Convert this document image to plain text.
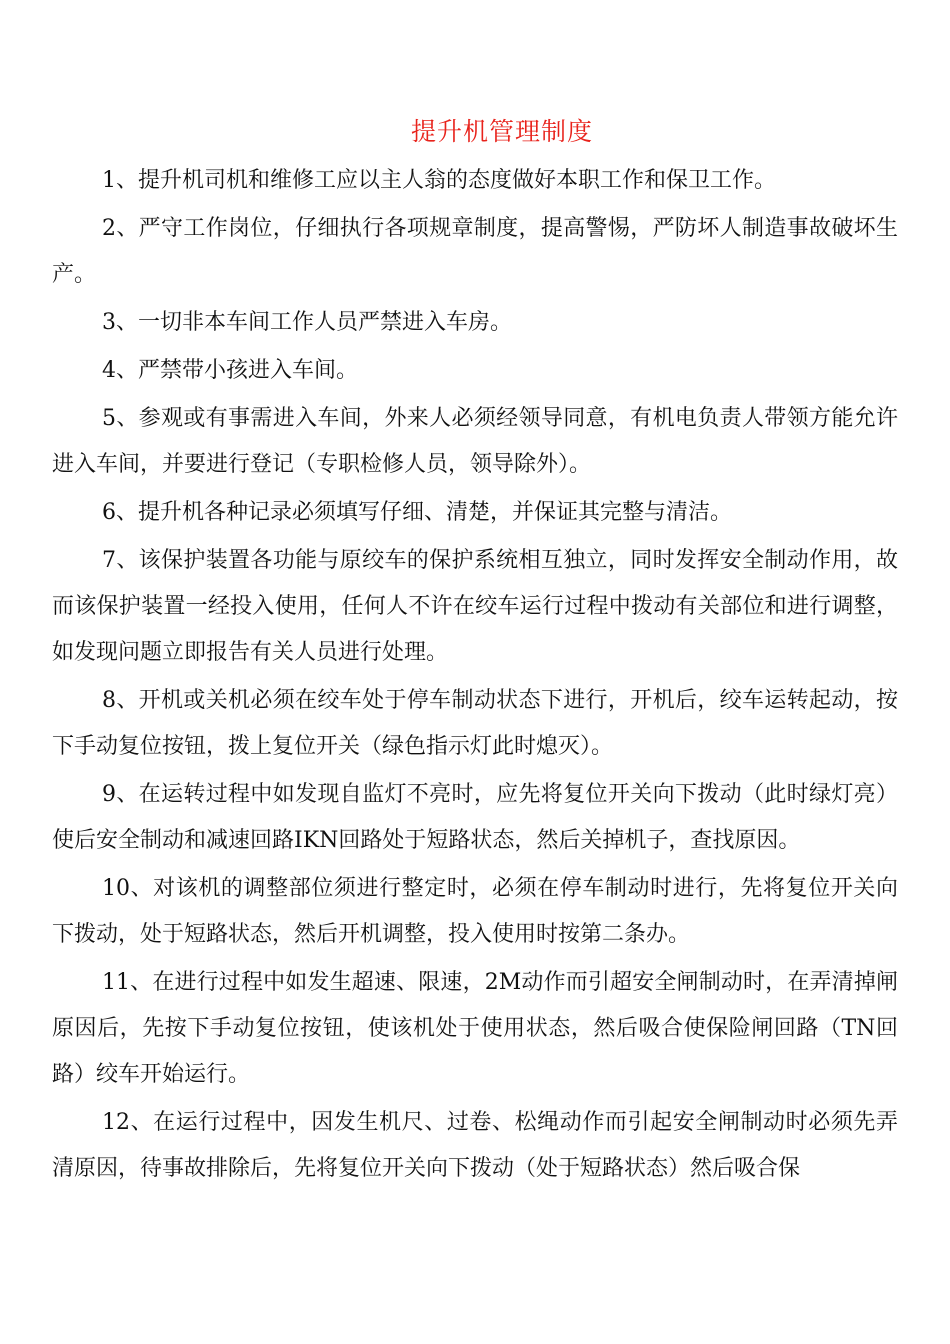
提升机管理制度

1、提升机司机和维修工应以主人翁的态度做好本职工作和保卫工作。

2、严守工作岗位，仔细执行各项规章制度，提高警惕，严防坏人制造事故破坏生产。

3、一切非本车间工作人员严禁进入车房。

4、严禁带小孩进入车间。

5、参观或有事需进入车间，外来人必须经领导同意，有机电负责人带领方能允许进入车间，并要进行登记（专职检修人员，领导除外）。

6、提升机各种记录必须填写仔细、清楚，并保证其完整与清洁。

7、该保护装置各功能与原绞车的保护系统相互独立，同时发挥安全制动作用，故而该保护装置一经投入使用，任何人不许在绞车运行过程中拨动有关部位和进行调整，如发现问题立即报告有关人员进行处理。

8、开机或关机必须在绞车处于停车制动状态下进行，开机后，绞车运转起动，按下手动复位按钮，拨上复位开关（绿色指示灯此时熄灭）。

9、在运转过程中如发现自监灯不亮时，应先将复位开关向下拨动（此时绿灯亮）使后安全制动和减速回路IKN回路处于短路状态，然后关掉机子，查找原因。

10、对该机的调整部位须进行整定时，必须在停车制动时进行，先将复位开关向下拨动，处于短路状态，然后开机调整，投入使用时按第二条办。

11、在进行过程中如发生超速、限速，2M动作而引超安全闸制动时，在弄清掉闸原因后，先按下手动复位按钮，使该机处于使用状态，然后吸合使保险闸回路（TN回路）绞车开始运行。

12、在运行过程中，因发生机尺、过卷、松绳动作而引起安全闸制动时必须先弄清原因，待事故排除后，先将复位开关向下拨动（处于短路状态）然后吸合保
